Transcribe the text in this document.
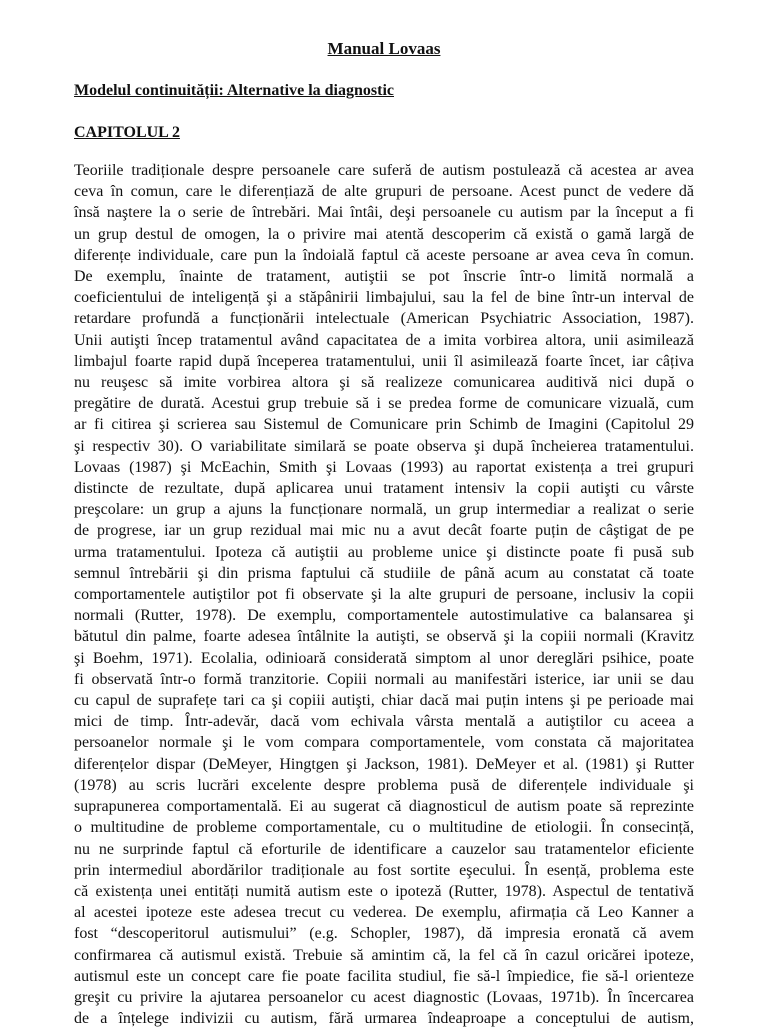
Manual Lovaas
Modelul continuității: Alternative la diagnostic
CAPITOLUL 2
Teoriile tradiționale despre persoanele care suferă de autism postulează că acestea ar avea
ceva în comun, care le diferențiază de alte grupuri de persoane. Acest punct de vedere dă
însă naştere la o serie de întrebări. Mai întâi, deşi persoanele cu autism par la început a fi
un grup destul de omogen, la o privire mai atentă descoperim că există o gamă largă de
diferențe individuale, care pun la îndoială faptul că aceste persoane ar avea ceva în comun.
De exemplu, înainte de tratament, autiştii se pot înscrie într-o limită normală a
coeficientului de inteligență şi a stăpânirii limbajului, sau la fel de bine într-un interval de
retardare profundă a funcționării intelectuale (American Psychiatric Association, 1987).
Unii autişti încep tratamentul având capacitatea de a imita vorbirea altora, unii asimilează
limbajul foarte rapid după începerea tratamentului, unii îl asimilează foarte încet, iar câțiva
nu reuşesc să imite vorbirea altora şi să realizeze comunicarea auditivă nici după o
pregătire de durată. Acestui grup trebuie să i se predea forme de comunicare vizuală, cum
ar fi citirea şi scrierea sau Sistemul de Comunicare prin Schimb de Imagini (Capitolul 29
şi respectiv 30). O variabilitate similară se poate observa şi după încheierea tratamentului.
Lovaas (1987) şi McEachin, Smith şi Lovaas (1993) au raportat existența a trei grupuri
distincte de rezultate, după aplicarea unui tratament intensiv la copii autişti cu vârste
preşcolare: un grup a ajuns la funcționare normală, un grup intermediar a realizat o serie
de progrese, iar un grup rezidual mai mic nu a avut decât foarte puțin de câştigat de pe
urma tratamentului. Ipoteza că autiştii au probleme unice şi distincte poate fi pusă sub
semnul întrebării şi din prisma faptului că studiile de până acum au constatat că toate
comportamentele autiştilor pot fi observate şi la alte grupuri de persoane, inclusiv la copii
normali (Rutter, 1978). De exemplu, comportamentele autostimulative ca balansarea şi
bătutul din palme, foarte adesea întâlnite la autişti, se observă şi la copiii normali (Kravitz
şi Boehm, 1971). Ecolalia, odinioară considerată simptom al unor dereglări psihice, poate
fi observată într-o formă tranzitorie. Copiii normali au manifestări isterice, iar unii se dau
cu capul de suprafețe tari ca şi copiii autişti, chiar dacă mai puțin intens şi pe perioade mai
mici de timp. Într-adevăr, dacă vom echivala vârsta mentală a autiştilor cu aceea a
persoanelor normale şi le vom compara comportamentele, vom constata că majoritatea
diferențelor dispar (DeMeyer, Hingtgen şi Jackson, 1981). DeMeyer et al. (1981) şi Rutter
(1978) au scris lucrări excelente despre problema pusă de diferențele individuale şi
suprapunerea comportamentală. Ei au sugerat că diagnosticul de autism poate să reprezinte
o multitudine de probleme comportamentale, cu o multitudine de etiologii. În consecință,
nu ne surprinde faptul că eforturile de identificare a cauzelor sau tratamentelor eficiente
prin intermediul abordărilor tradiționale au fost sortite eşecului. În esență, problema este
că existența unei entități numită autism este o ipoteză (Rutter, 1978). Aspectul de tentativă
al acestei ipoteze este adesea trecut cu vederea. De exemplu, afirmația că Leo Kanner a
fost “descoperitorul autismului” (e.g. Schopler, 1987), dă impresia eronată că avem
confirmarea că autismul există. Trebuie să amintim că, la fel că în cazul oricărei ipoteze,
autismul este un concept care fie poate facilita studiul, fie să-l împiedice, fie să-l orienteze
greşit cu privire la ajutarea persoanelor cu acest diagnostic (Lovaas, 1971b). În încercarea
de a înțelege indivizii cu autism, fără urmarea îndeaproape a conceptului de autism,
